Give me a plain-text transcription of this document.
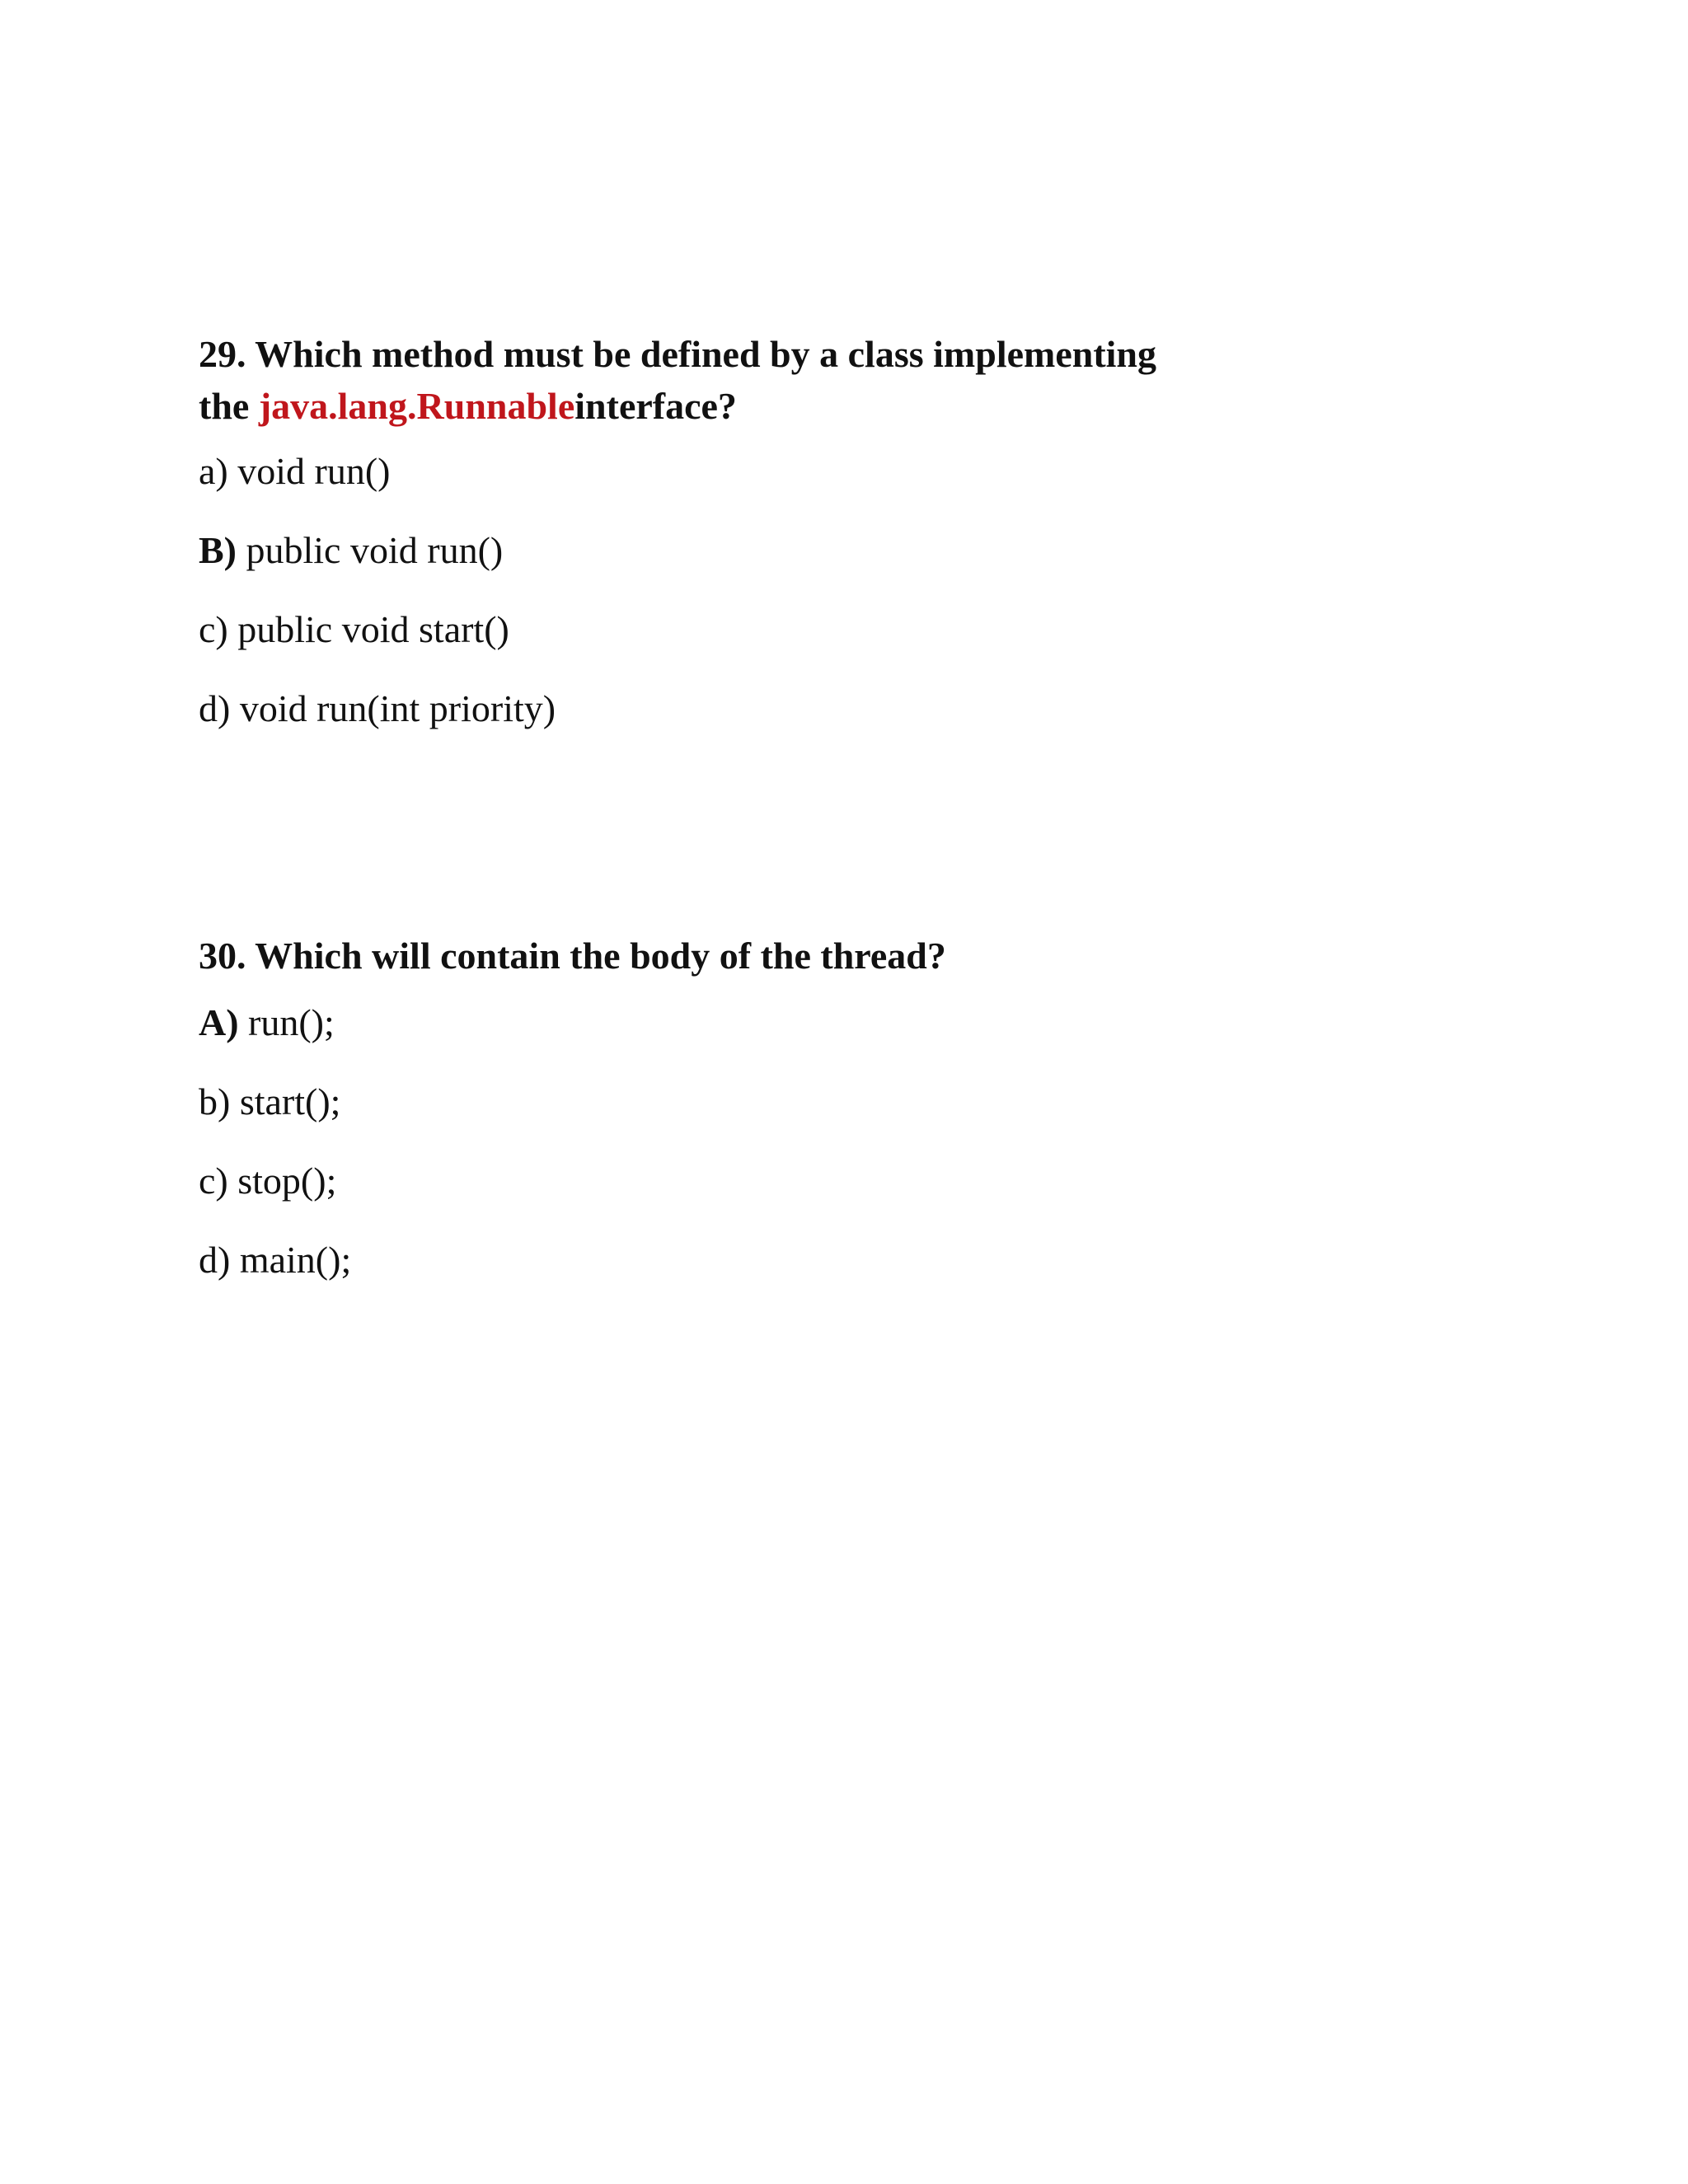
29. Which method must be defined by a class implementing
the java.lang.Runnableinterface?

a) void run()
B) public void run()
c) public void start()
d) void run(int priority)

30. Which will contain the body of the thread?

A) run();
b) start();
c) stop();
d) main();
